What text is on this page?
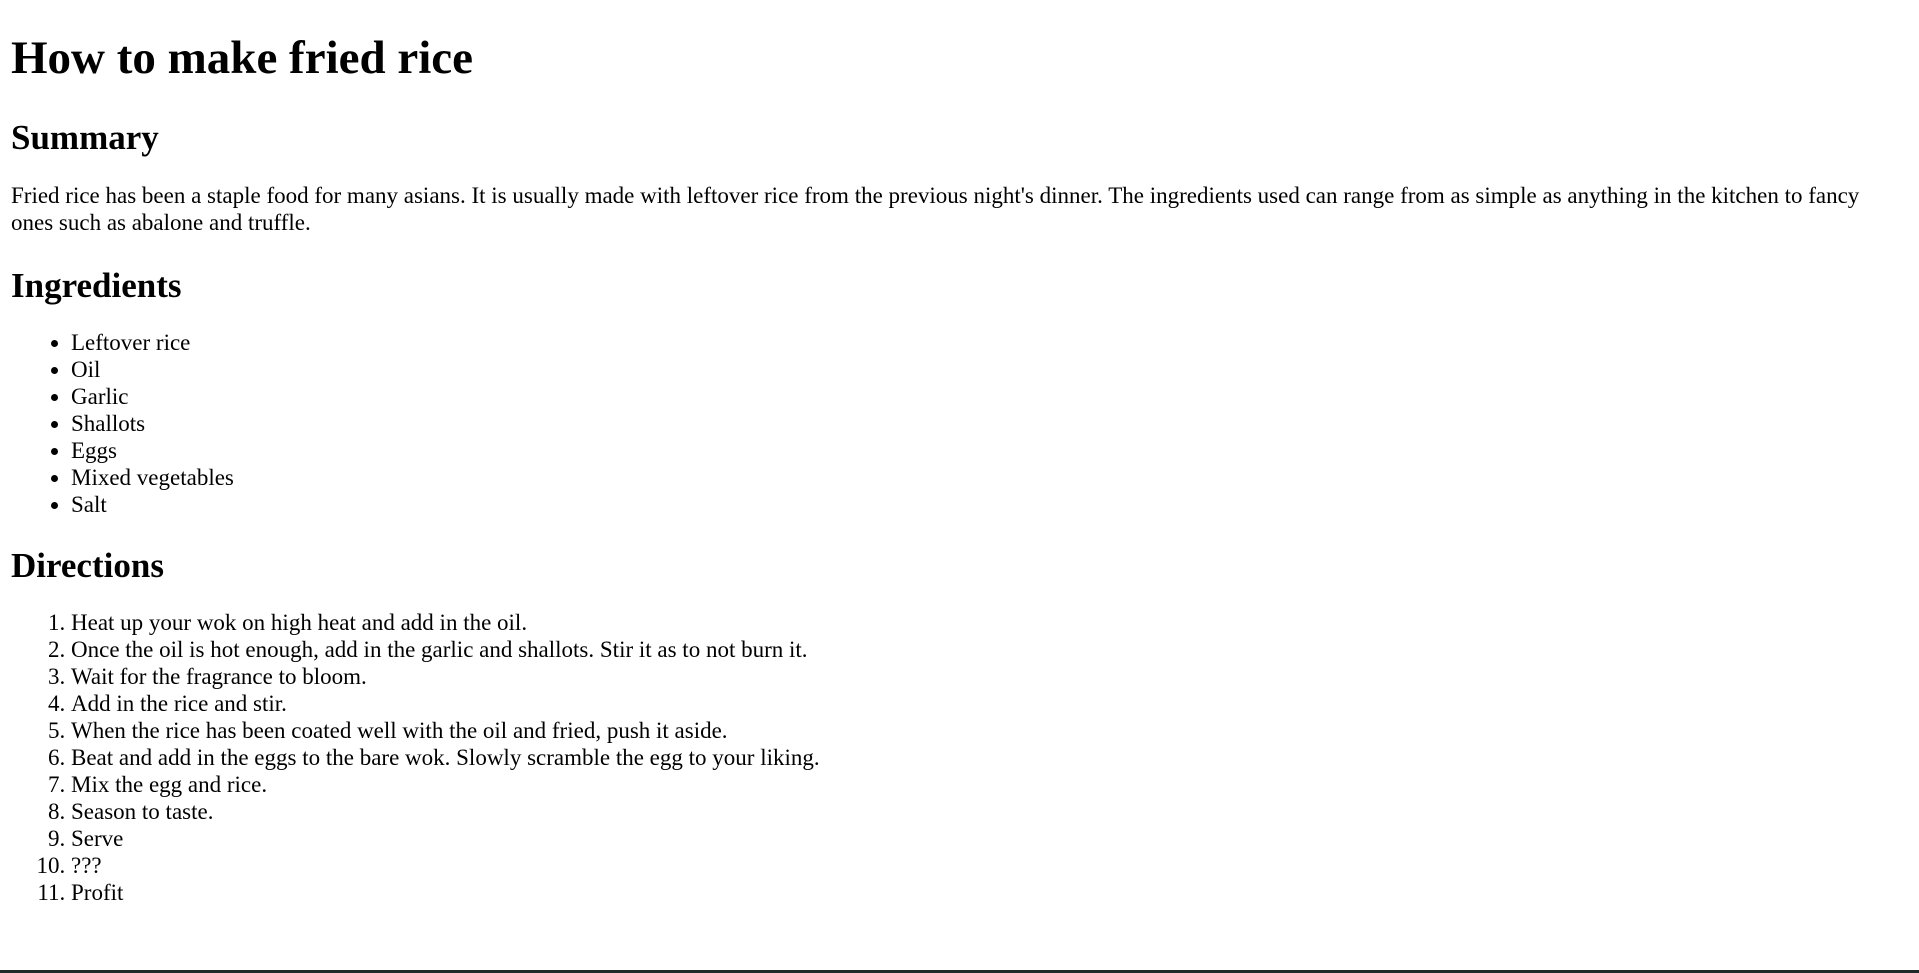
How to make fried rice
Summary

Fried rice has been a staple food for many asians. It is usually made with leftover rice from the previous night's dinner. The ingredients used can range from as simple as anything in the kitchen to fancy ones such as abalone and truffle.

Ingredients
• Leftover rice
• Oil
• Garlic
• Shallots
• Eggs
• Mixed vegetables
• Salt
Directions
1. Heat up your wok on high heat and add in the oil.
2. Once the oil is hot enough, add in the garlic and shallots. Stir it as to not burn it.
3. Wait for the fragrance to bloom.
4. Add in the rice and stir.
5. When the rice has been coated well with the oil and fried, push it aside.
6. Beat and add in the eggs to the bare wok. Slowly scramble the egg to your liking.
7. Mix the egg and rice.
8. Season to taste.
9. Serve
10. ???
11. Profit
